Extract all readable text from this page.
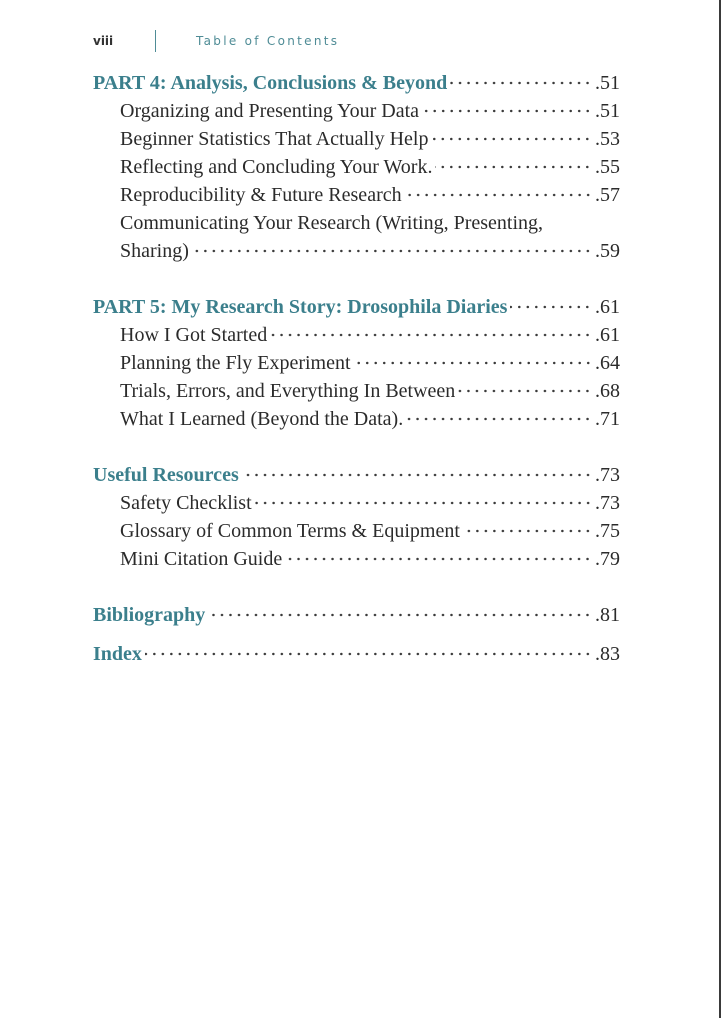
viii	Table of Contents
PART 4: Analysis, Conclusions & Beyond	.51
Organizing and Presenting Your Data	.51
Beginner Statistics That Actually Help	.53
Reflecting and Concluding Your Work.	.55
Reproducibility & Future Research	.57
Communicating Your Research (Writing, Presenting,
Sharing)	.59
PART 5: My Research Story: Drosophila Diaries	.61
How I Got Started	.61
Planning the Fly Experiment	.64
Trials, Errors, and Everything In Between	.68
What I Learned (Beyond the Data).	.71
Useful Resources	.73
Safety Checklist	.73
Glossary of Common Terms & Equipment	.75
Mini Citation Guide	.79
Bibliography	.81
Index	.83
